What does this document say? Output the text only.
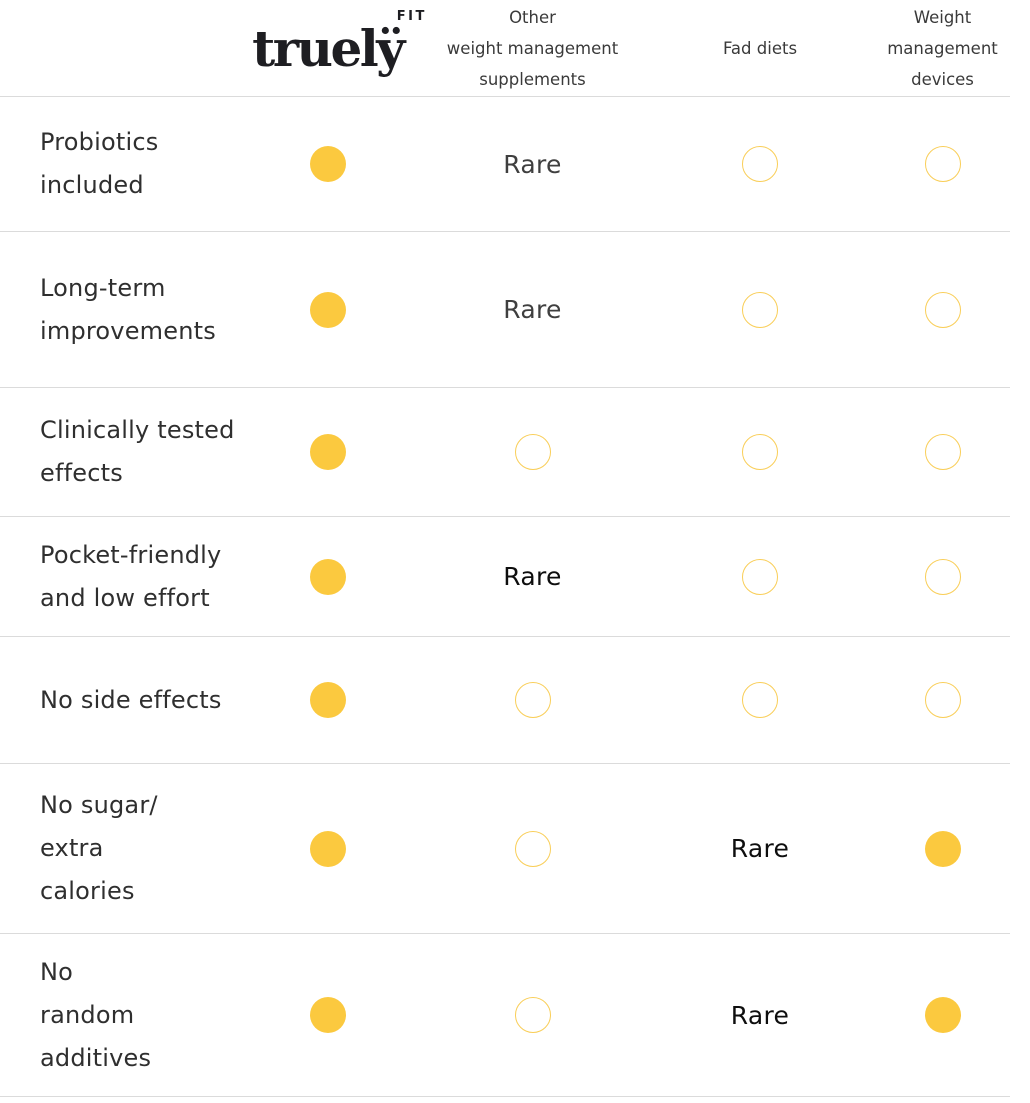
truelÿ
FIT	Other
weight management
supplements
Fad diets
Weight
management
devices
Probiotics
included
Rare
Long-term
improvements
Rare
Clinically tested
effects
Pocket-friendly
and low effort
Rare
No side effects
No sugar/
extra
calories
Rare
No
random
additives
Rare
